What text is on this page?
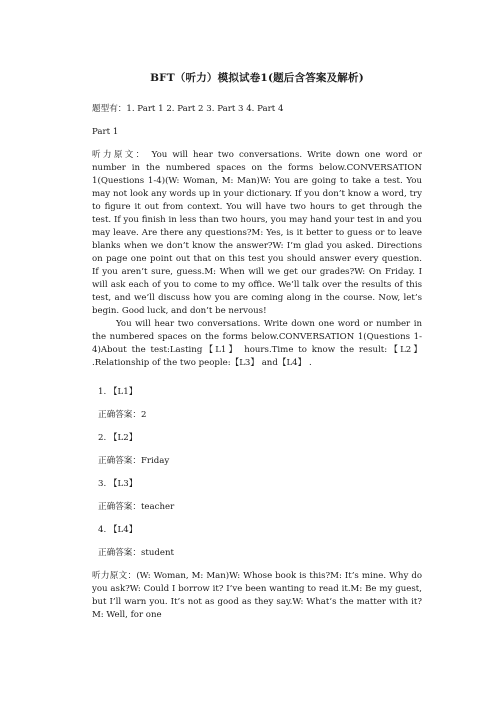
BFT（听力）模拟试卷1(题后含答案及解析)

题型有：1. Part 1 2. Part 2 3. Part 3 4. Part 4

Part 1

听力原文： You will hear two conversations. Write down one word or number in the numbered spaces on the forms below.CONVERSATION 1(Questions 1-4)(W: Woman, M: Man)W: You are going to take a test. You may not look any words up in your dictionary. If you don’t know a word, try to figure it out from context. You will have two hours to get through the test. If you finish in less than two hours, you may hand your test in and you may leave. Are there any questions?M: Yes, is it better to guess or to leave blanks when we don’t know the answer?W: I’m glad you asked. Directions on page one point out that on this test you should answer every question. If you aren’t sure, guess.M: When will we get our grades?W: On Friday. I will ask each of you to come to my office. We’ll talk over the results of this test, and we’ll discuss how you are coming along in the course. Now, let’s begin. Good luck, and don’t be nervous!

You will hear two conversations. Write down one word or number in the numbered spaces on the forms below.CONVERSATION 1(Questions 1-4)About the test:Lasting【L1】 hours.Time to know the result:【L2】 .Relationship of the two people:【L3】 and【L4】 .

1. 【L1】

正确答案：2

2. 【L2】

正确答案：Friday

3. 【L3】

正确答案：teacher

4. 【L4】

正确答案：student

听力原文：(W: Woman, M: Man)W: Whose book is this?M: It’s mine. Why do you ask?W: Could I borrow it? I’ve been wanting to read it.M: Be my guest, but I’ll warn you. It’s not as good as they say.W: What’s the matter with it?M: Well, for one
